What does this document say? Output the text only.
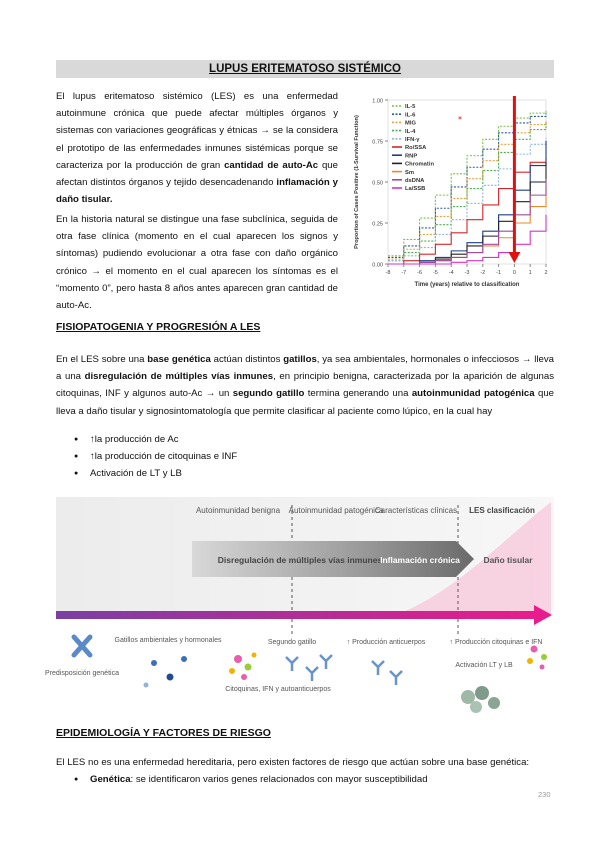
LUPUS ERITEMATOSO SISTÉMICO
El lupus eritematoso sistémico (LES) es una enfermedad autoinmune crónica que puede afectar múltiples órganos y sistemas con variaciones geográficas y étnicas → se la considera el prototipo de las enfermedades inmunes sistémicas porque se caracteriza por la producción de gran cantidad de auto-Ac que afectan distintos órganos y tejido desencadenando inflamación y daño tisular.
En la historia natural se distingue una fase subclínica, seguida de otra fase clínica (momento en el cual aparecen los signos y síntomas) pudiendo evolucionar a otra fase con daño orgánico crónico → el momento en el cual aparecen los síntomas es el “momento 0”, pero hasta 8 años antes aparecen gran cantidad de auto-Ac.
0.00
0.25
0.50
0.75
1.00
-8 -7 -6 -5 -4 -3 -2 -1 0 1 2
Time (years) relative to classification
Proportion of Cases Positive (1-Survival Function)	*
IL-5
IL-6
MIG
IL-4
IFN-γ
Ro/SSA
RNP
Chromatin
Sm
dsDNA
La/SSB
FISIOPATOGENIA Y PROGRESIÓN A LES
En el LES sobre una base genética actúan distintos gatillos, ya sea ambientales, hormonales o infecciosos → lleva a una disregulación de múltiples vías inmunes, en principio benigna, caracterizada por la aparición de algunas citoquinas, INF y algunos auto-Ac → un segundo gatillo termina generando una autoinmunidad patogénica que lleva a daño tisular y signosintomatología que permite clasificar al paciente como lúpico, en la cual hay
● ↑la producción de Ac
● ↑la producción de citoquinas e INF
● Activación de LT y LB
Autoinmunidad benigna Autoinmunidad patogénica
Características clínicas LES clasificación
Disregulación de múltiples vías inmunes
Inflamación crónica	Daño tisular
Predisposición genética
Gatillos ambientales y hormonales	Segundo gatillo	↑ Producción anticuerpos	↑ Producción citoquinas e IFN
Citoquinas, IFN y autoanticuerpos
Activación LT y LB
EPIDEMIOLOGÍA Y FACTORES DE RIESGO
El LES no es una enfermedad hereditaria, pero existen factores de riesgo que actúan sobre una base genética:
● Genética: se identificaron varios genes relacionados con mayor susceptibilidad
230
